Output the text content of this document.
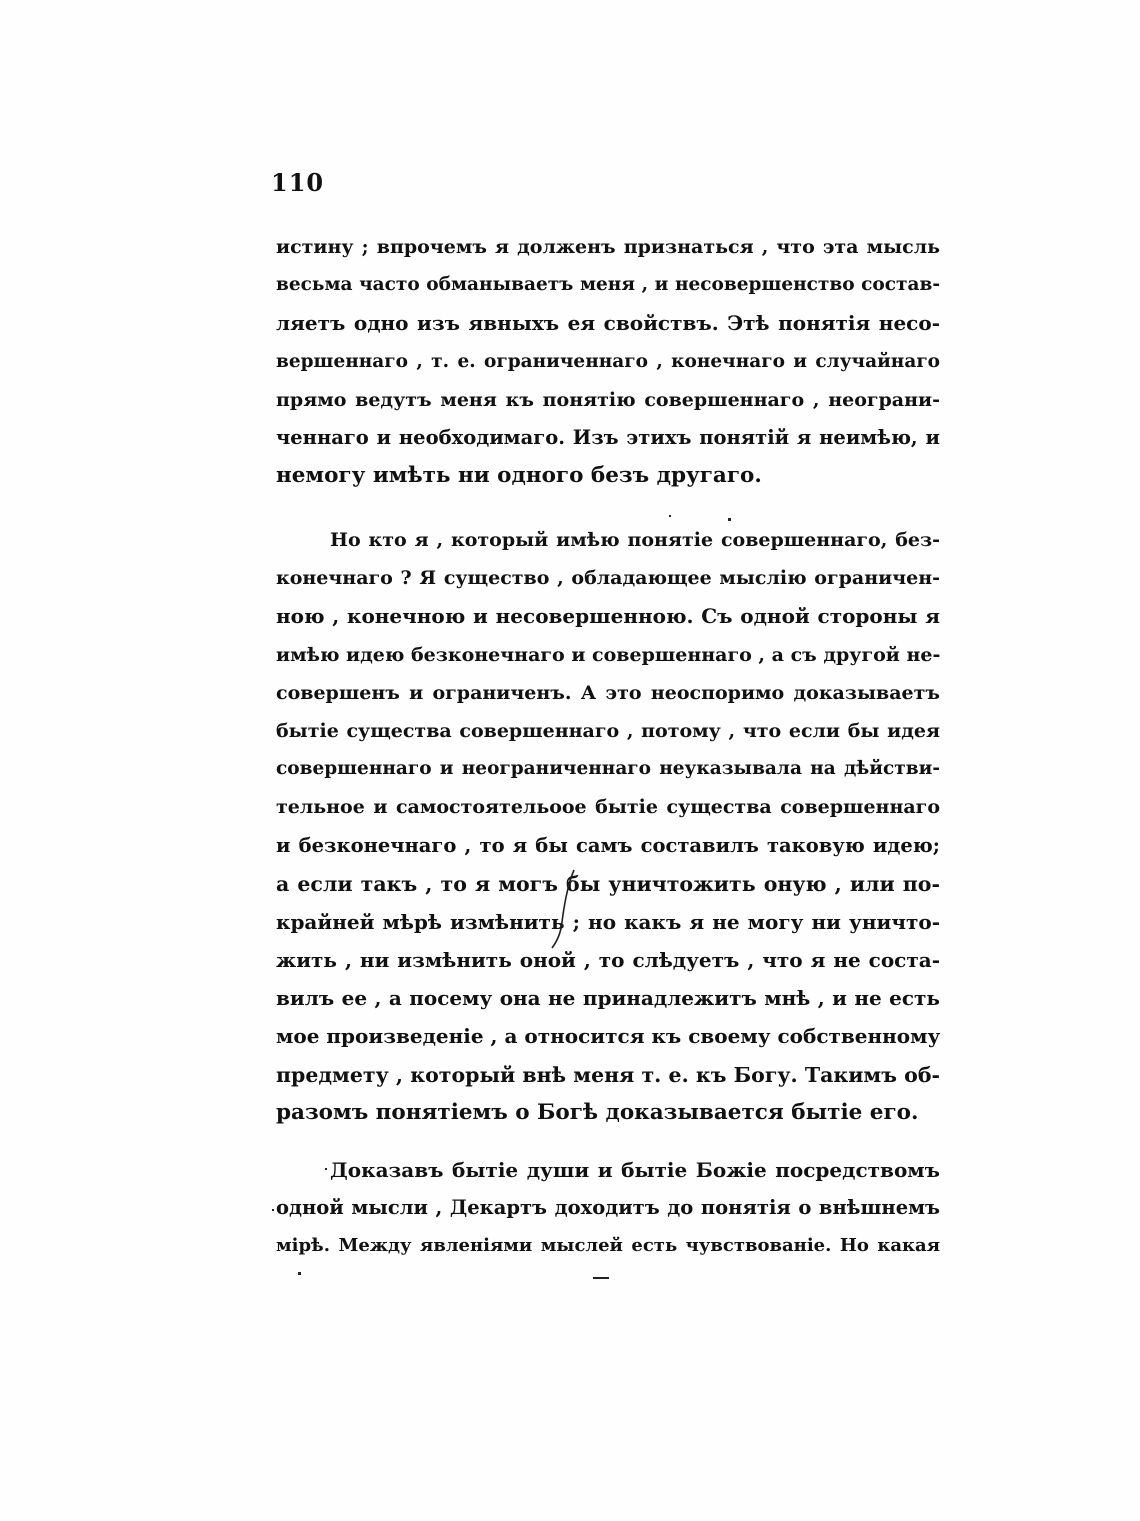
110
истину ; впрочемъ я долженъ признаться , что эта мысль
весьма часто обманываетъ меня , и несовершенство состав-
ляетъ одно изъ явныхъ ея свойствъ. Этѣ понятія несо-
вершеннаго , т. е. ограниченнаго , конечнаго и случайнаго
прямо ведутъ меня къ понятію совершеннаго , неограни-
ченнаго и необходимаго. Изъ этихъ понятій я неимѣю, и
немогу имѣть ни одного безъ другаго.
Но кто я , который имѣю понятіе совершеннаго, без-
конечнаго ? Я существо , обладающее мыслію ограничен-
ною , конечною и несовершенною. Съ одной стороны я
имѣю идею безконечнаго и совершеннаго , а съ другой не-
совершенъ и ограниченъ. А это неоспоримо доказываетъ
бытіе существа совершеннаго , потому , что если бы идея
совершеннаго и неограниченнаго неуказывала на дѣйстви-
тельное и самостоятельоое бытіе существа совершеннаго
и безконечнаго , то я бы самъ составилъ таковую идею;
а если такъ , то я могъ бы уничтожить оную , или по-
крайней мѣрѣ измѣнить ; но какъ я не могу ни уничто-
жить , ни измѣнить оной , то слѣдуетъ , что я не соста-
вилъ ее , а посему она не принадлежитъ мнѣ , и не есть
мое произведеніе , а относится къ своему собственному
предмету , который внѣ меня т. е. къ Богу. Такимъ об-
разомъ понятіемъ о Богѣ доказывается бытіе его.
Доказавъ бытіе души и бытіе Божіе посредствомъ
одной мысли , Декартъ доходитъ до понятія о внѣшнемъ
мірѣ. Между явленіями мыслей есть чувствованіе. Но какая
